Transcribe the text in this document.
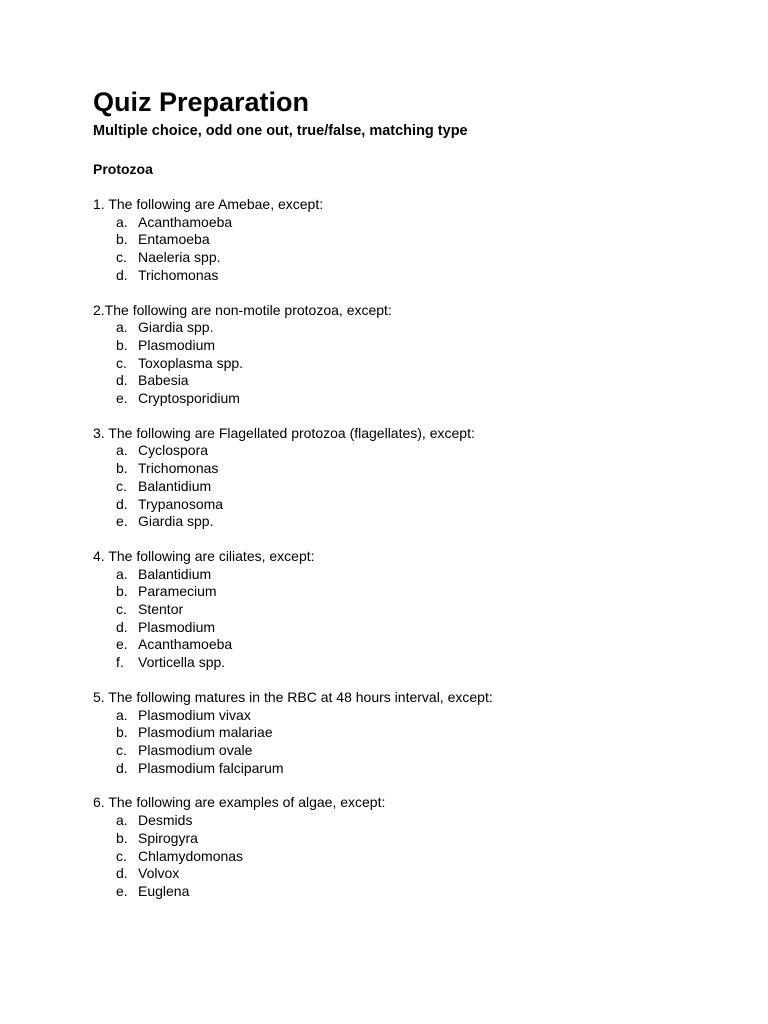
Quiz Preparation
Multiple choice, odd one out, true/false, matching type
Protozoa
1. The following are Amebae, except:
a. Acanthamoeba
b. Entamoeba
c. Naeleria spp.
d. Trichomonas
2.The following are non-motile protozoa, except:
a. Giardia spp.
b. Plasmodium
c. Toxoplasma spp.
d. Babesia
e. Cryptosporidium
3. The following are Flagellated protozoa (flagellates), except:
a. Cyclospora
b. Trichomonas
c. Balantidium
d. Trypanosoma
e. Giardia spp.
4. The following are ciliates, except:
a. Balantidium
b. Paramecium
c. Stentor
d. Plasmodium
e. Acanthamoeba
f.	Vorticella spp.
5. The following matures in the RBC at 48 hours interval, except:
a. Plasmodium vivax
b. Plasmodium malariae
c. Plasmodium ovale
d. Plasmodium falciparum
6. The following are examples of algae, except:
a. Desmids
b. Spirogyra
c. Chlamydomonas
d. Volvox
e. Euglena
